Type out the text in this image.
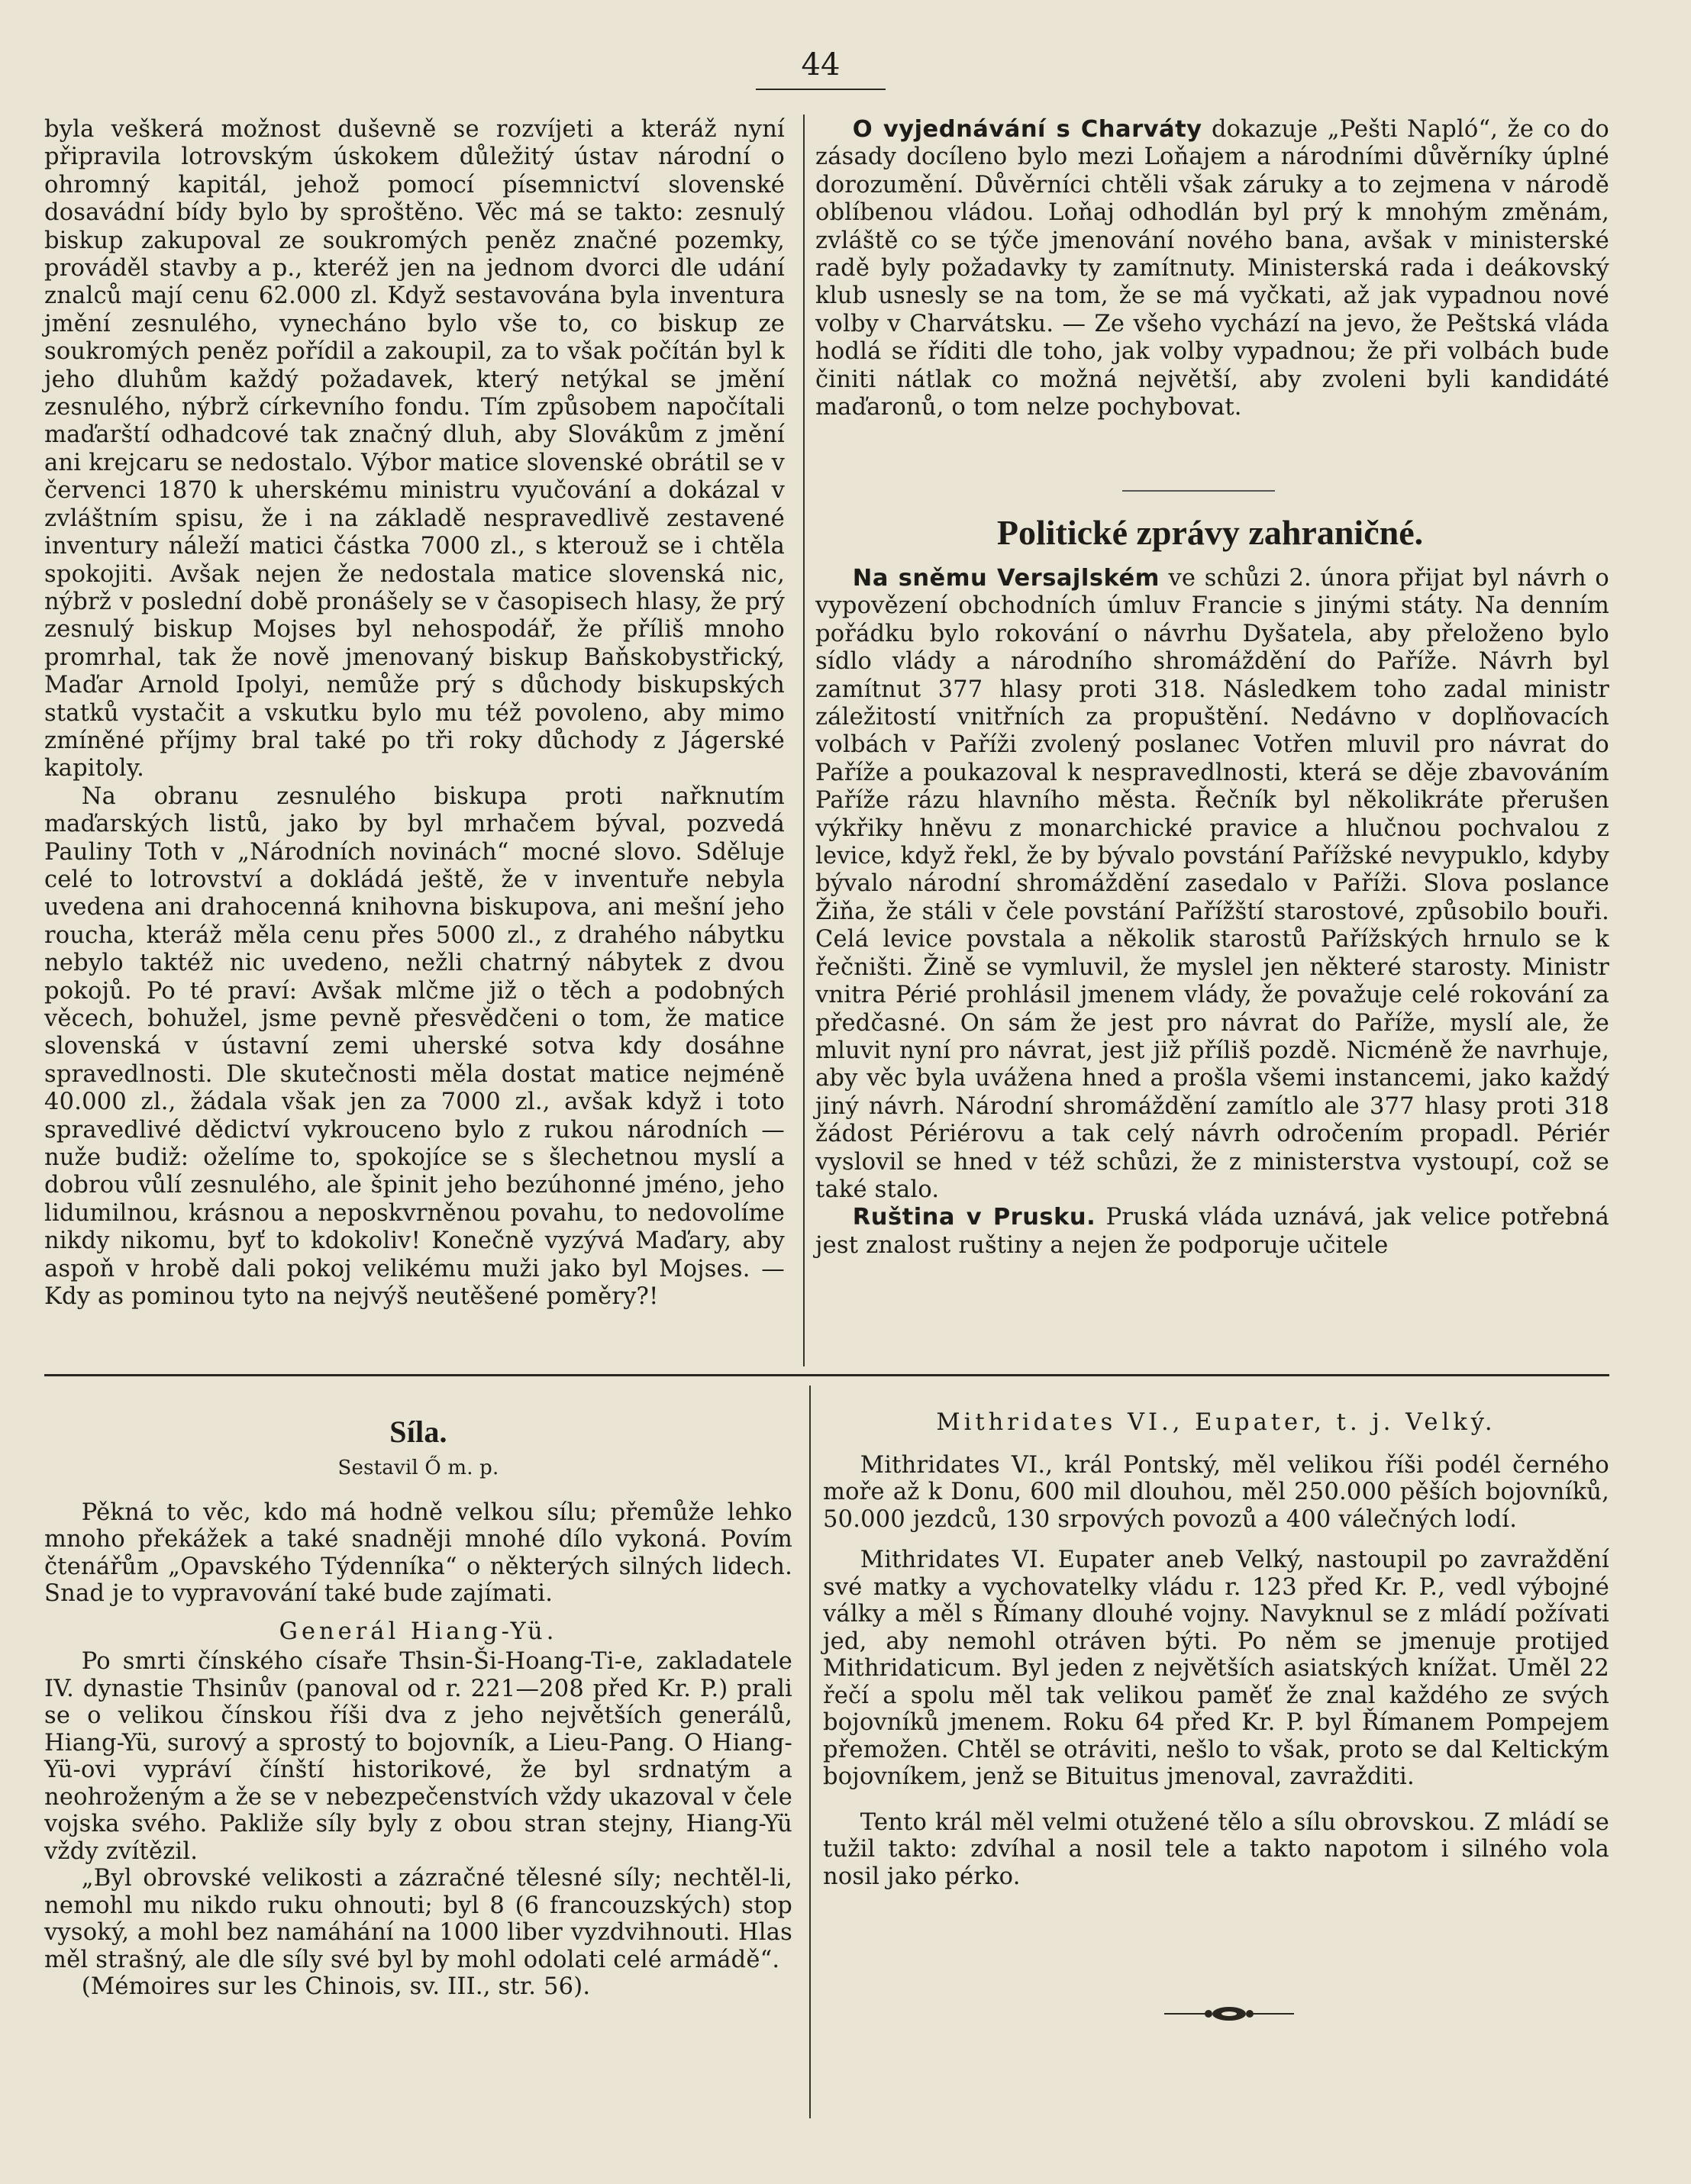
44

byla veškerá možnost duševně se rozvíjeti a kteráž nyní připravila lotrovským úskokem důležitý ústav národní o ohromný kapitál, jehož pomocí písemnictví slovenské dosavádní bídy bylo by sproštěno. Věc má se takto: zesnulý biskup zakupoval ze soukromých peněz značné pozemky, prováděl stavby a p., kteréž jen na jednom dvorci dle udání znalců mají cenu 62.000 zl. Když sestavována byla inventura jmění zesnulého, vynecháno bylo vše to, co biskup ze soukromých peněz pořídil a zakoupil, za to však počítán byl k jeho dluhům každý požadavek, který netýkal se jmění zesnulého, nýbrž církevního fondu. Tím způsobem napočítali maďarští odhadcové tak značný dluh, aby Slovákům z jmění ani krejcaru se nedostalo. Výbor matice slovenské obrátil se v červenci 1870 k uherskému ministru vyučování a dokázal v zvláštním spisu, že i na základě nespravedlivě zestavené inventury náleží matici částka 7000 zl., s kterouž se i chtěla spokojiti. Avšak nejen že nedostala matice slovenská nic, nýbrž v poslední době pronášely se v časopisech hlasy, že prý zesnulý biskup Mojses byl nehospodář, že příliš mnoho promrhal, tak že nově jmenovaný biskup Baňskobystřický, Maďar Arnold Ipolyi, nemůže prý s důchody biskupských statků vystačit a vskutku bylo mu též povoleno, aby mimo zmíněné příjmy bral také po tři roky důchody z Jágerské kapitoly.

Na obranu zesnulého biskupa proti nařknutím maďarských listů, jako by byl mrhačem býval, pozvedá Pauliny Toth v „Národních novinách“ mocné slovo. Sděluje celé to lotrovství a dokládá ještě, že v inventuře nebyla uvedena ani drahocenná knihovna biskupova, ani mešní jeho roucha, kteráž měla cenu přes 5000 zl., z drahého nábytku nebylo taktéž nic uvedeno, nežli chatrný nábytek z dvou pokojů. Po té praví: Avšak mlčme již o těch a podobných věcech, bohužel, jsme pevně přesvědčeni o tom, že matice slovenská v ústavní zemi uherské sotva kdy dosáhne spravedlnosti. Dle skutečnosti měla dostat matice nejméně 40.000 zl., žádala však jen za 7000 zl., avšak když i toto spravedlivé dědictví vykrouceno bylo z rukou národních — nuže budiž: oželíme to, spokojíce se s šlechetnou myslí a dobrou vůlí zesnulého, ale špinit jeho bezúhonné jméno, jeho lidumilnou, krásnou a neposkvrněnou povahu, to nedovolíme nikdy nikomu, byť to kdokoliv! Konečně vyzývá Maďary, aby aspoň v hrobě dali pokoj velikému muži jako byl Mojses. — Kdy as pominou tyto na nejvýš neutěšené poměry?!

O vyjednávání s Charváty dokazuje „Pešti Napló“, že co do zásady docíleno bylo mezi Loňajem a národními důvěrníky úplné dorozumění. Důvěrníci chtěli však záruky a to zejmena v národě oblíbenou vládou. Loňaj odhodlán byl prý k mnohým změnám, zvláště co se týče jmenování nového bana, avšak v ministerské radě byly požadavky ty zamítnuty. Ministerská rada i deákovský klub usnesly se na tom, že se má vyčkati, až jak vypadnou nové volby v Charvátsku. — Ze všeho vychází na jevo, že Peštská vláda hodlá se říditi dle toho, jak volby vypadnou; že při volbách bude činiti nátlak co možná největší, aby zvoleni byli kandidáté maďaronů, o tom nelze pochybovat.

Politické zprávy zahraničné.

Na sněmu Versajlském ve schůzi 2. února přijat byl návrh o vypovězení obchodních úmluv Francie s jinými státy. Na denním pořádku bylo rokování o návrhu Dyšatela, aby přeloženo bylo sídlo vlády a národního shromáždění do Paříže. Návrh byl zamítnut 377 hlasy proti 318. Následkem toho zadal ministr záležitostí vnitřních za propuštění. Nedávno v doplňovacích volbách v Paříži zvolený poslanec Votřen mluvil pro návrat do Paříže a poukazoval k nespravedlnosti, která se děje zbavováním Paříže rázu hlavního města. Řečník byl několikráte přerušen výkřiky hněvu z monarchické pravice a hlučnou pochvalou z levice, když řekl, že by bývalo povstání Pařížské nevypuklo, kdyby bývalo národní shromáždění zasedalo v Paříži. Slova poslance Žiňa, že stáli v čele povstání Pařížští starostové, způsobilo bouři. Celá levice povstala a několik starostů Pařížských hrnulo se k řečništi. Žině se vymluvil, že myslel jen některé starosty. Ministr vnitra Périé prohlásil jmenem vlády, že považuje celé rokování za předčasné. On sám že jest pro návrat do Paříže, myslí ale, že mluvit nyní pro návrat, jest již příliš pozdě. Nicméně že navrhuje, aby věc byla uvážena hned a prošla všemi instancemi, jako každý jiný návrh. Národní shromáždění zamítlo ale 377 hlasy proti 318 žádost Périérovu a tak celý návrh odročením propadl. Périér vyslovil se hned v též schůzi, že z ministerstva vystoupí, což se také stalo.

Ruština v Prusku. Pruská vláda uznává, jak velice potřebná jest znalost ruštiny a nejen že podporuje učitele

Síla.

Sestavil Ő m. p.

Pěkná to věc, kdo má hodně velkou sílu; přemůže lehko mnoho překážek a také snadněji mnohé dílo vykoná. Povím čtenářům „Opavského Týdenníka“ o některých silných lidech. Snad je to vypravování také bude zajímati.

Generál Hiang-Yü.

Po smrti čínského císaře Thsin-Ši-Hoang-Ti-e, zakladatele IV. dynastie Thsinův (panoval od r. 221—208 před Kr. P.) prali se o velikou čínskou říši dva z jeho největších generálů, Hiang-Yü, surový a sprostý to bojovník, a Lieu-Pang. O Hiang-Yü-ovi vypráví čínští historikové, že byl srdnatým a neohroženým a že se v nebezpečenstvích vždy ukazoval v čele vojska svého. Pakliže síly byly z obou stran stejny, Hiang-Yü vždy zvítězil.

„Byl obrovské velikosti a zázračné tělesné síly; nechtěl-li, nemohl mu nikdo ruku ohnouti; byl 8 (6 francouzských) stop vysoký, a mohl bez namáhání na 1000 liber vyzdvihnouti. Hlas měl strašný, ale dle síly své byl by mohl odolati celé armádě“.

(Mémoires sur les Chinois, sv. III., str. 56).

Mithridates VI., Eupater, t. j. Velký.

Mithridates VI., král Pontský, měl velikou říši podél černého moře až k Donu, 600 mil dlouhou, měl 250.000 pěších bojovníků, 50.000 jezdců, 130 srpových povozů a 400 válečných lodí.

Mithridates VI. Eupater aneb Velký, nastoupil po zavraždění své matky a vychovatelky vládu r. 123 před Kr. P., vedl výbojné války a měl s Římany dlouhé vojny. Navyknul se z mládí požívati jed, aby nemohl otráven býti. Po něm se jmenuje protijed Mithridaticum. Byl jeden z největších asiatských knížat. Uměl 22 řečí a spolu měl tak velikou paměť že znal každého ze svých bojovníků jmenem. Roku 64 před Kr. P. byl Římanem Pompejem přemožen. Chtěl se otráviti, nešlo to však, proto se dal Keltickým bojovníkem, jenž se Bituitus jmenoval, zavražditi.

Tento král měl velmi otužené tělo a sílu obrovskou. Z mládí se tužil takto: zdvíhal a nosil tele a takto napotom i silného vola nosil jako pérko.
